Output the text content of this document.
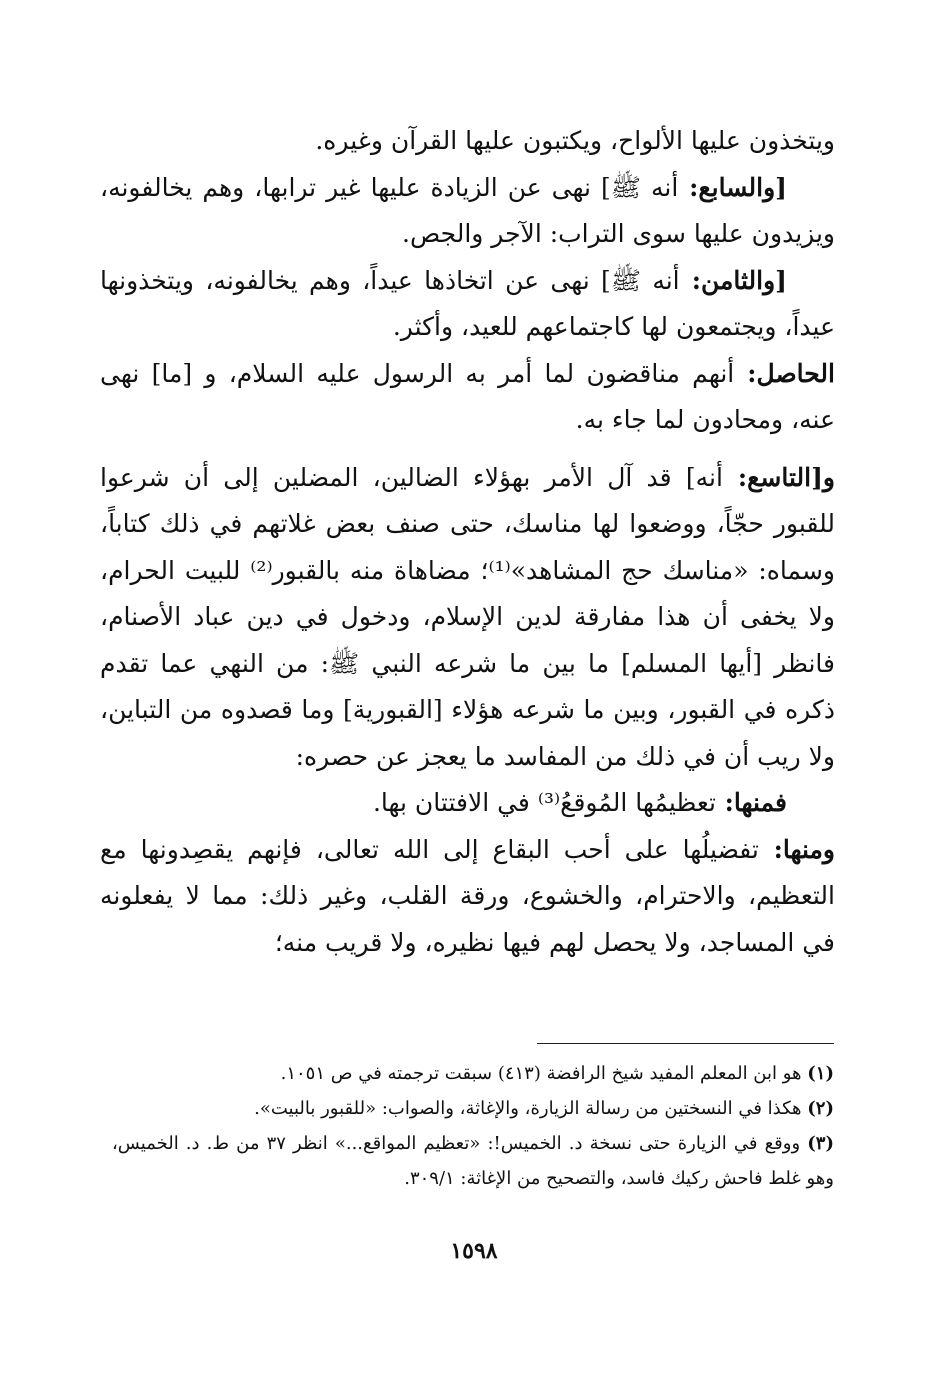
ويتخذون عليها الألواح، ويكتبون عليها القرآن وغيره.

[والسابع: أنه ﷺ] نهى عن الزيادة عليها غير ترابها، وهم يخالفونه، ويزيدون عليها سوى التراب: الآجر والجص.

[والثامن: أنه ﷺ] نهى عن اتخاذها عيداً، وهم يخالفونه، ويتخذونها عيداً، ويجتمعون لها كاجتماعهم للعيد، وأكثر.

الحاصل: أنهم مناقضون لما أمر به الرسول عليه السلام، و [ما] نهى عنه، ومحادون لما جاء به.

و[التاسع: أنه] قد آل الأمر بهؤلاء الضالين، المضلين إلى أن شرعوا للقبور حجّاً، ووضعوا لها مناسك، حتى صنف بعض غلاتهم في ذلك كتاباً، وسماه: «مناسك حج المشاهد»⁽¹⁾؛ مضاهاة منه بالقبور⁽²⁾ للبيت الحرام، ولا يخفى أن هذا مفارقة لدين الإسلام، ودخول في دين عباد الأصنام، فانظر [أيها المسلم] ما بين ما شرعه النبي ﷺ: من النهي عما تقدم ذكره في القبور، وبين ما شرعه هؤلاء [القبورية] وما قصدوه من التباين، ولا ريب أن في ذلك من المفاسد ما يعجز عن حصره:

فمنها: تعظيمُها المُوقعُ⁽³⁾ في الافتتان بها.

ومنها: تفضيلُها على أحب البقاع إلى الله تعالى، فإنهم يقصِدونها مع التعظيم، والاحترام، والخشوع، ورقة القلب، وغير ذلك: مما لا يفعلونه في المساجد، ولا يحصل لهم فيها نظيره، ولا قريب منه؛

(١) هو ابن المعلم المفيد شيخ الرافضة (٤١٣) سبقت ترجمته في ص ١٠٥١.

(٢) هكذا في النسختين من رسالة الزيارة، والإغاثة، والصواب: «للقبور بالبيت».

(٣) ووقع في الزيارة حتى نسخة د. الخميس!: «تعظيم المواقع...» انظر ٣٧ من ط. د. الخميس، وهو غلط فاحش ركيك فاسد، والتصحيح من الإغاثة: ٣٠٩/١.

١٥٩٨
